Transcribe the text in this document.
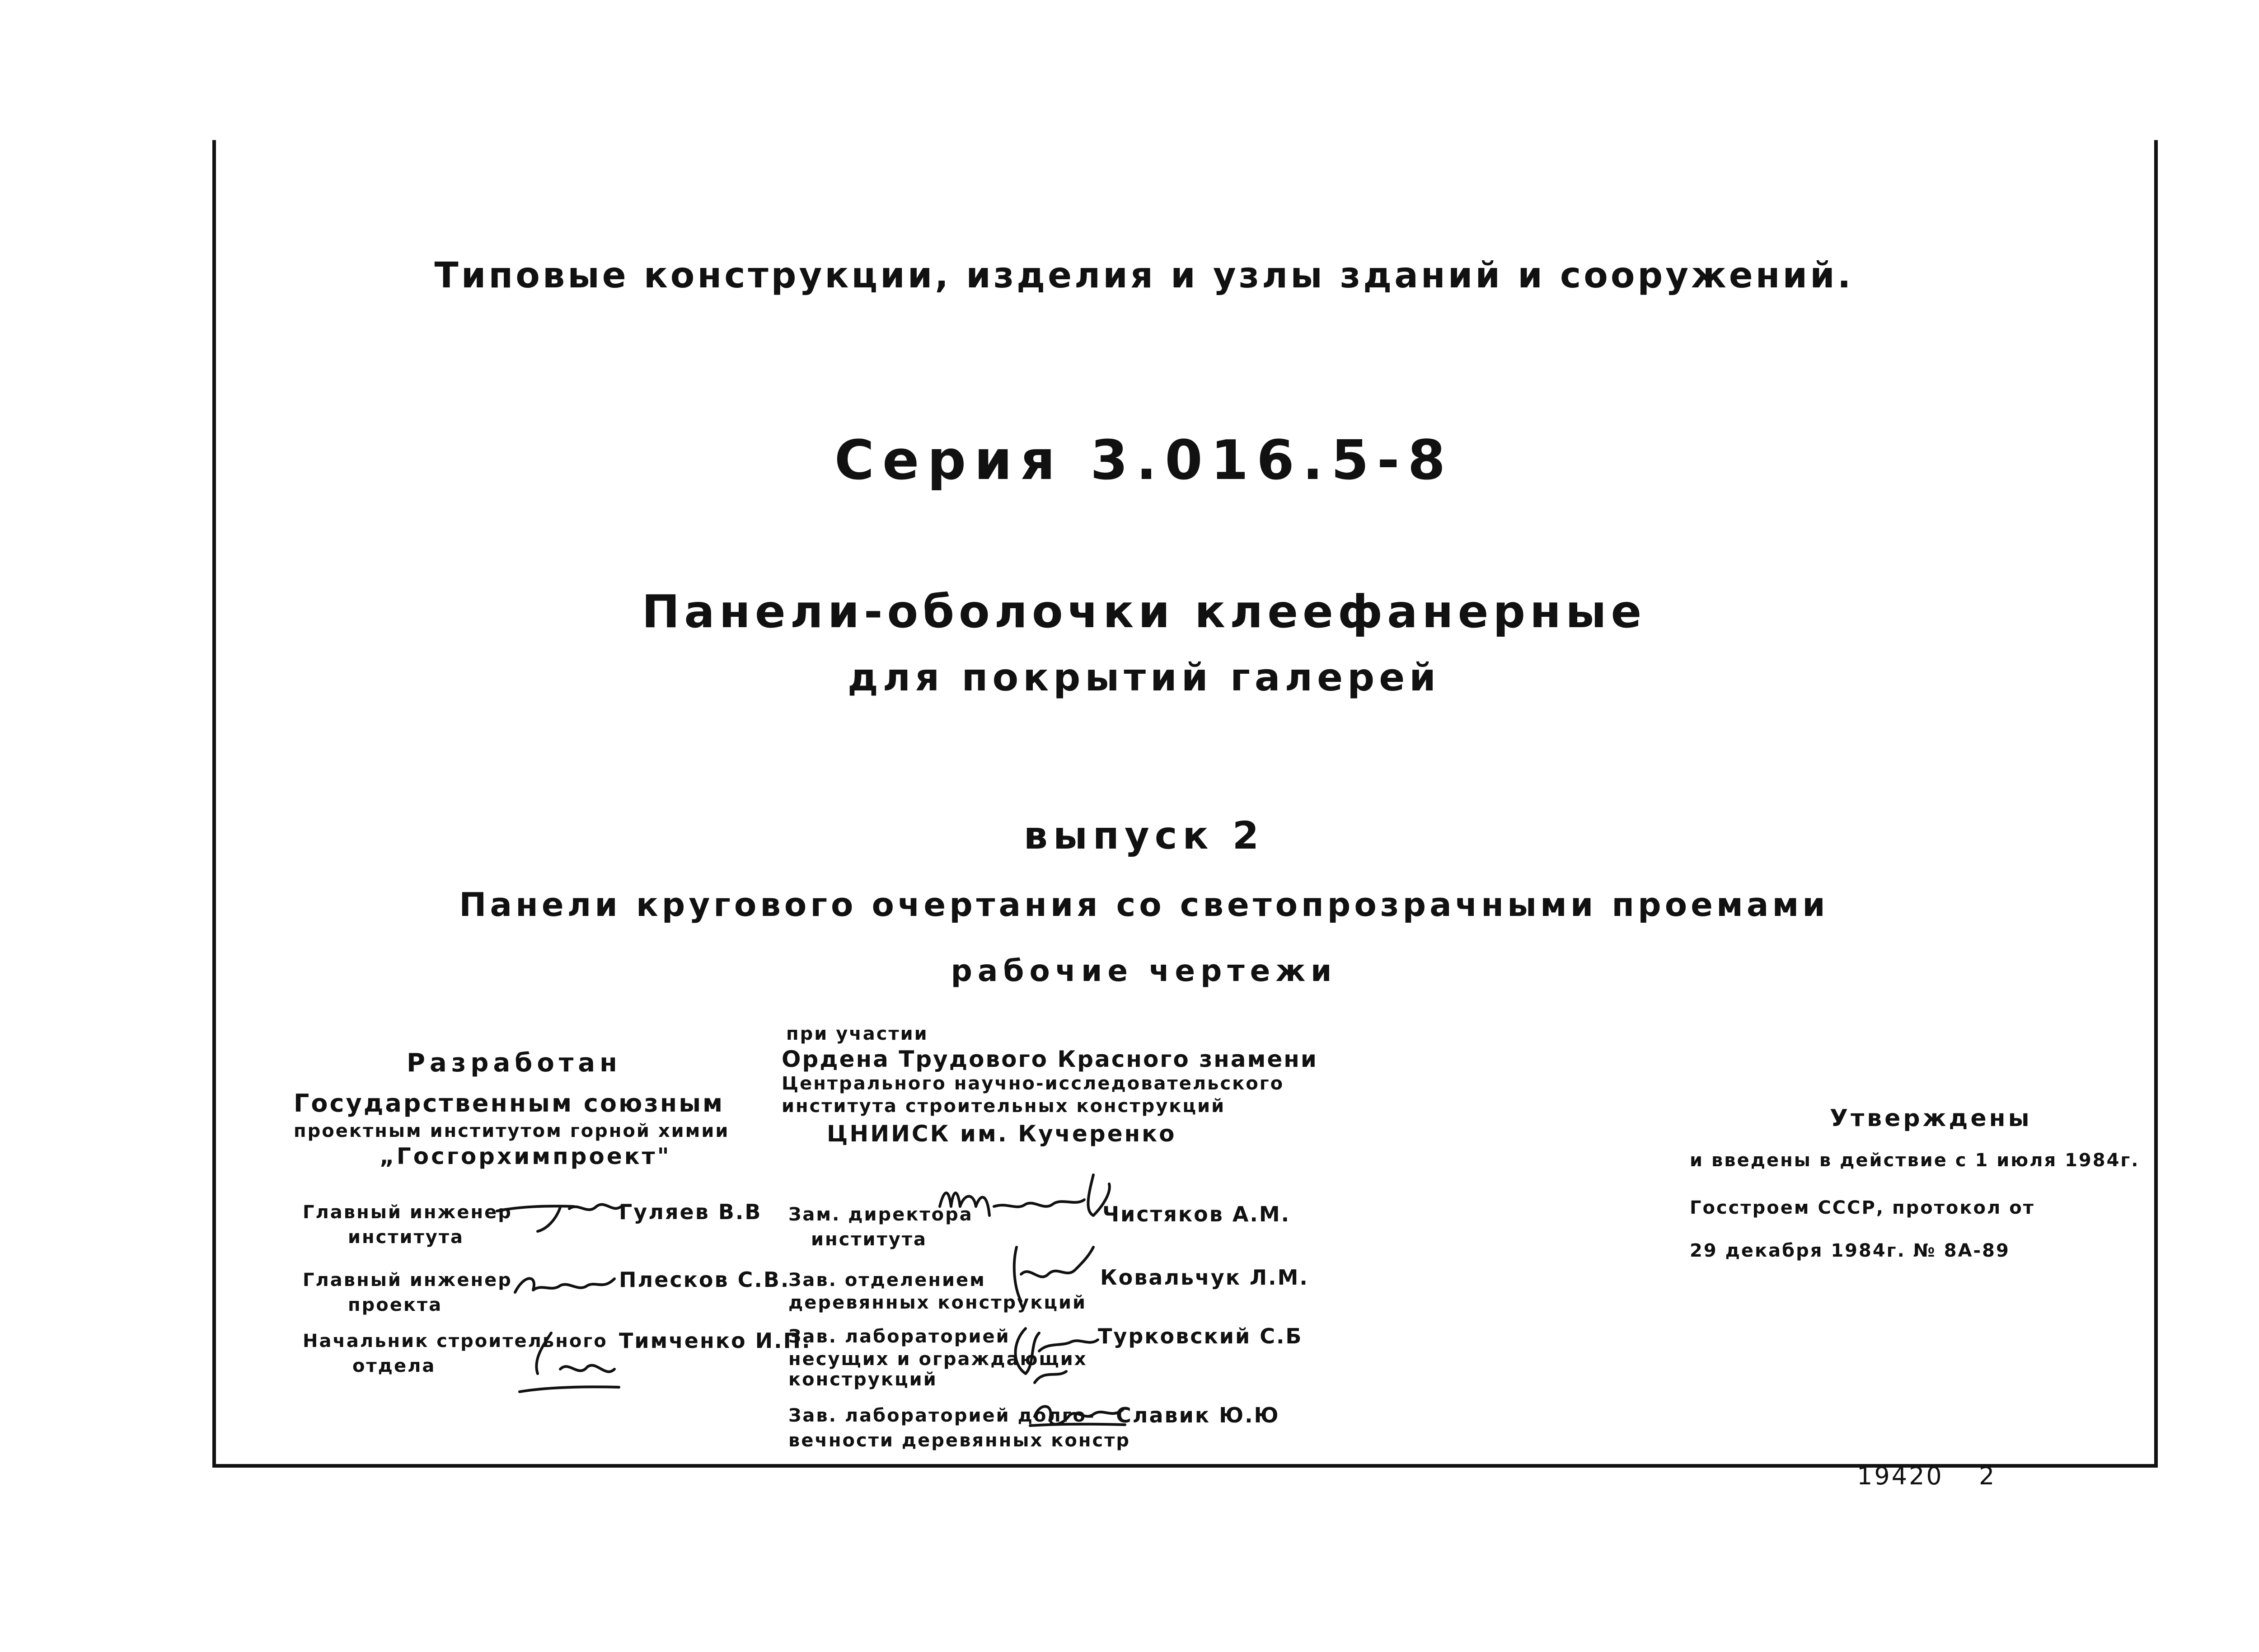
Типовые конструкции, изделия и узлы зданий и сооружений.
Серия 3.016.5-8
Панели-оболочки клеефанерные
для покрытий галерей
выпуск 2
Панели кругового очертания со светопрозрачными проемами
рабочие чертежи
Разработан
Государственным союзным
проектным институтом горной химии
„Госгорхимпроект"
Главный инженер
института
Гуляев В.В
Главный инженер
проекта
Плесков С.В.
Начальник строительного
отдела
Тимченко И.П.
при участии
Ордена Трудового Красного знамени
Центрального научно-исследовательского
института строительных конструкций
ЦНИИСК им. Кучеренко
Зам. директора
института
Чистяков А.М.
Зав. отделением
деревянных конструкций
Ковальчук Л.М.
Зав. лабораторией
несущих и ограждающих
конструкций
Турковский С.Б
Зав. лабораторией долго-
вечности деревянных констр
Славик Ю.Ю
Утверждены
и введены в действие с 1 июля 1984г.
Госстроем СССР, протокол от
29 декабря 1984г. № 8А-89
19420 2
